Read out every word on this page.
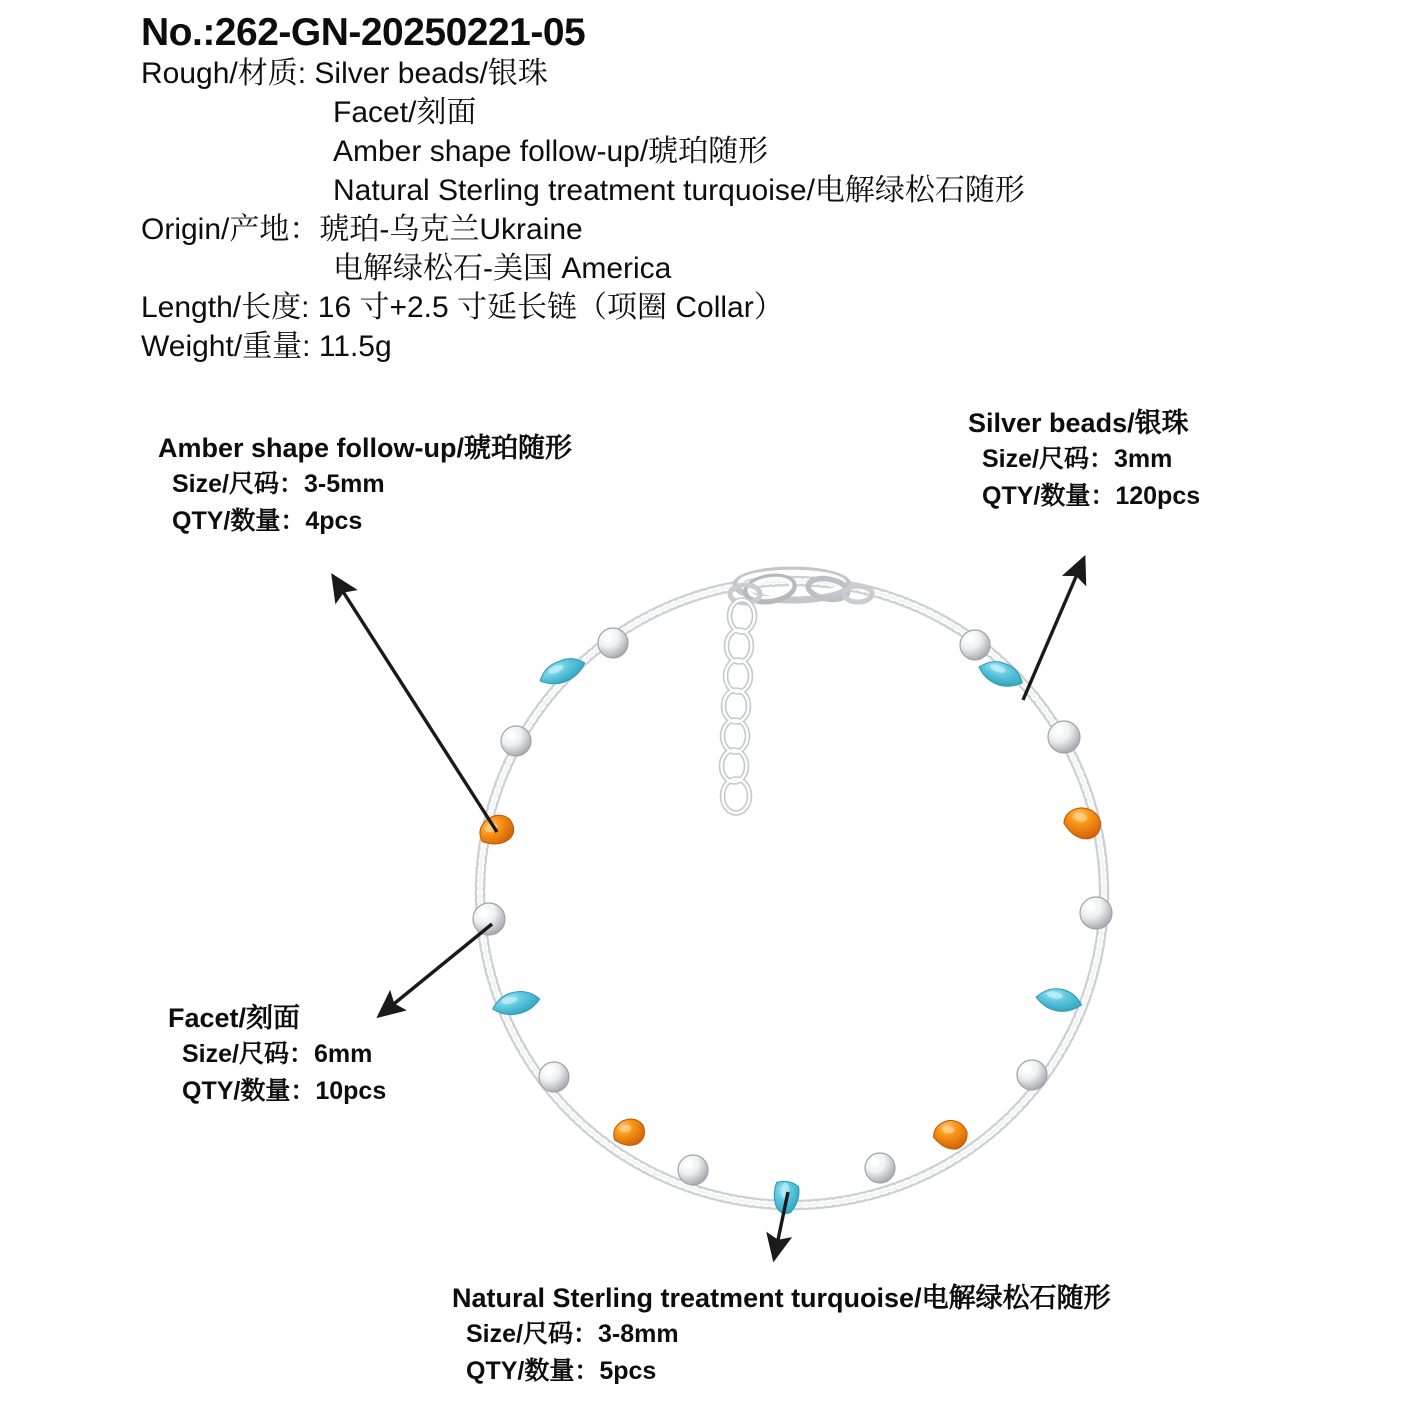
No.:262-GN-20250221-05
Rough/材质: Silver beads/银珠
Facet/刻面
Amber shape follow-up/琥珀随形
Natural Sterling treatment turquoise/电解绿松石随形
Origin/产地：琥珀-乌克兰Ukraine
电解绿松石-美国 America
Length/长度: 16 寸+2.5 寸延长链（项圈 Collar）
Weight/重量: 11.5g
Amber shape follow-up/琥珀随形
Size/尺码：3-5mm
QTY/数量：4pcs
Silver beads/银珠
Size/尺码：3mm
QTY/数量：120pcs
Facet/刻面
Size/尺码：6mm
QTY/数量：10pcs
Natural Sterling treatment turquoise/电解绿松石随形
Size/尺码：3-8mm
QTY/数量：5pcs
